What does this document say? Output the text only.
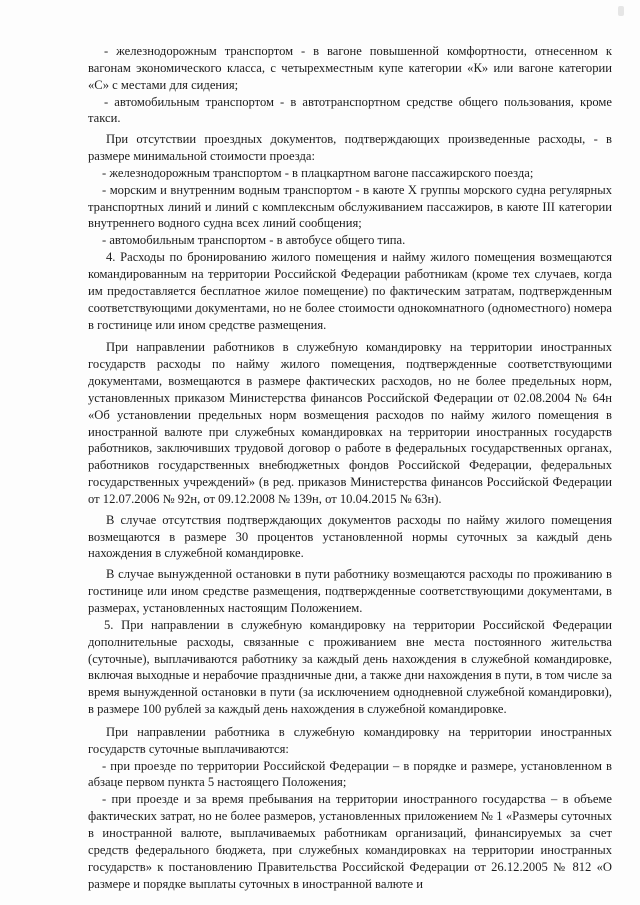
- железнодорожным транспортом - в вагоне повышенной комфортности, отнесенном к вагонам экономического класса, с четырехместным купе категории «К» или вагоне категории «С» с местами для сидения;

- автомобильным транспортом - в автотранспортном средстве общего пользования, кроме такси.

При отсутствии проездных документов, подтверждающих произведенные расходы, - в размере минимальной стоимости проезда:

- железнодорожным транспортом - в плацкартном вагоне пассажирского поезда;

- морским и внутренним водным транспортом - в каюте X группы морского судна регулярных транспортных линий и линий с комплексным обслуживанием пассажиров, в каюте III категории внутреннего водного судна всех линий сообщения;

- автомобильным транспортом - в автобусе общего типа.

4. Расходы по бронированию жилого помещения и найму жилого помещения возмещаются командированным на территории Российской Федерации работникам (кроме тех случаев, когда им предоставляется бесплатное жилое помещение) по фактическим затратам, подтвержденным соответствующими документами, но не более стоимости однокомнатного (одноместного) номера в гостинице или ином средстве размещения.

При направлении работников в служебную командировку на территории иностранных государств расходы по найму жилого помещения, подтвержденные соответствующими документами, возмещаются в размере фактических расходов, но не более предельных норм, установленных приказом Министерства финансов Российской Федерации от 02.08.2004 № 64н «Об установлении предельных норм возмещения расходов по найму жилого помещения в иностранной валюте при служебных командировках на территории иностранных государств работников, заключивших трудовой договор о работе в федеральных государственных органах, работников государственных внебюджетных фондов Российской Федерации, федеральных государственных учреждений» (в ред. приказов Министерства финансов Российской Федерации от 12.07.2006 № 92н, от 09.12.2008 № 139н, от 10.04.2015 № 63н).

В случае отсутствия подтверждающих документов расходы по найму жилого помещения возмещаются в размере 30 процентов установленной нормы суточных за каждый день нахождения в служебной командировке.

В случае вынужденной остановки в пути работнику возмещаются расходы по проживанию в гостинице или ином средстве размещения, подтвержденные соответствующими документами, в размерах, установленных настоящим Положением.

5. При направлении в служебную командировку на территории Российской Федерации дополнительные расходы, связанные с проживанием вне места постоянного жительства (суточные), выплачиваются работнику за каждый день нахождения в служебной командировке, включая выходные и нерабочие праздничные дни, а также дни нахождения в пути, в том числе за время вынужденной остановки в пути (за исключением однодневной служебной командировки), в размере 100 рублей за каждый день нахождения в служебной командировке.

При направлении работника в служебную командировку на территории иностранных государств суточные выплачиваются:

- при проезде по территории Российской Федерации – в порядке и размере, установленном в абзаце первом пункта 5 настоящего Положения;

- при проезде и за время пребывания на территории иностранного государства – в объеме фактических затрат, но не более размеров, установленных приложением № 1 «Размеры суточных в иностранной валюте, выплачиваемых работникам организаций, финансируемых за счет средств федерального бюджета, при служебных командировках на территории иностранных государств» к постановлению Правительства Российской Федерации от 26.12.2005 № 812 «О размере и порядке выплаты суточных в иностранной валюте и
